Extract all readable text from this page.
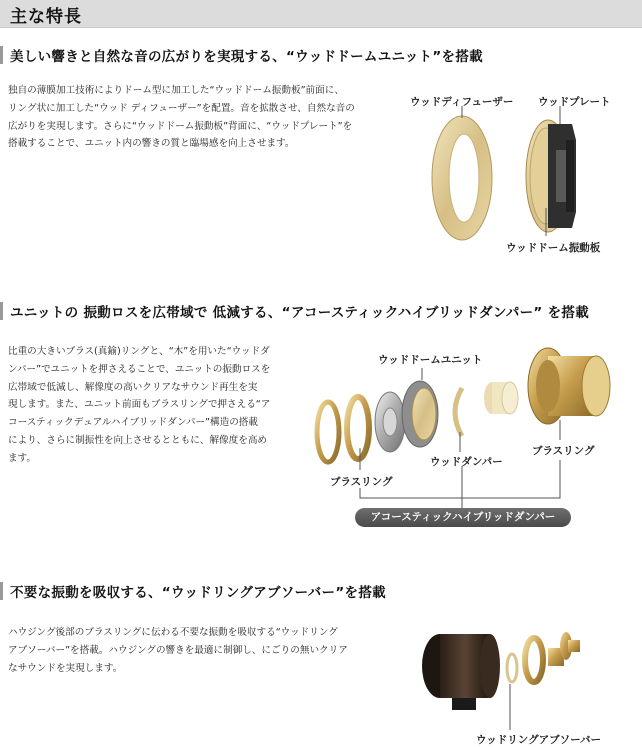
主な特長
美しい響きと自然な音の広がりを実現する、“ウッドドームユニット”を搭載
独自の薄膜加工技術によりドーム型に加工した“ウッドドーム振動板”前面に、
リング状に加工した“ウッド ディフューザー”を配置。音を拡散させ、自然な音の
広がりを実現します。さらに“ウッドドーム振動板”背面に、“ウッドプレート”を
搭載することで、ユニット内の響きの質と臨場感を向上させます。
ユニットの 振動ロスを広帯域で 低減する、“アコースティックハイブリッドダンパー” を搭載
比重の大きいブラス(真鍮)リングと、“木”を用いた“ウッドダ
ンパー”でユニットを押さえることで、ユニットの振動ロスを
広帯域で低減し、解像度の高いクリアなサウンド再生を実
現します。また、ユニット前面もブラスリングで押さえる“ア
コースティックデュアルハイブリッドダンパー”構造の搭載
により、さらに制振性を向上させるとともに、解像度を高め
ます。
不要な振動を吸収する、“ウッドリングアブソーバー”を搭載
ハウジング後部のブラスリングに伝わる不要な振動を吸収する“ウッドリング
アブソーバー”を搭載。ハウジングの響きを最適に制御し、にごりの無いクリア
なサウンドを実現します。
ウッドディフューザー ウッドプレート
ウッドドーム振動板
ウッドドームユニット
ブラスリング
ウッドダンパー
ブラスリング
アコースティックハイブリッドダンパー
ウッドリングアブソーバー
